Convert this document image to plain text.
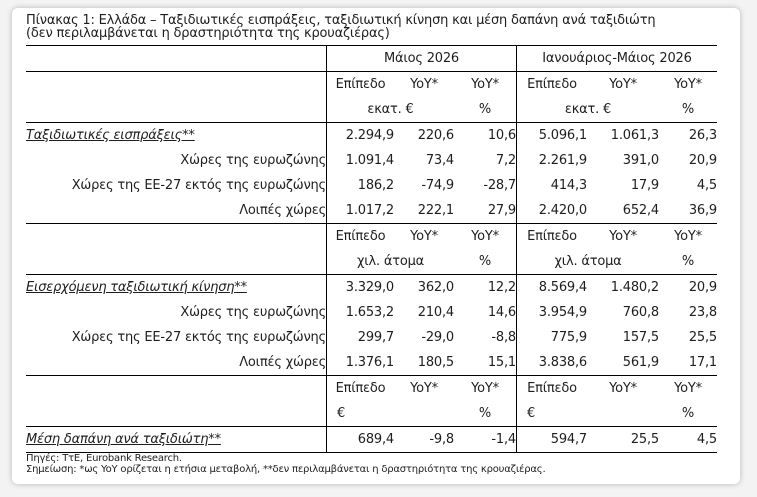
Πίνακας 1: Ελλάδα – Ταξιδιωτικές εισπράξεις, ταξιδιωτική κίνηση και μέση δαπάνη ανά ταξιδιώτη
(δεν περιλαμβάνεται η δραστηριότητα της κρουαζιέρας)
	Μάιος 2026			Ιανουάριος-Μάιος 2026		
	Επίπεδο	YoY*	YoY*	Επίπεδο	YoY*	YoY*
	εκατ. €		%	εκατ. €		%
Ταξιδιωτικές εισπράξεις**	2.294,9	220,6	10,6	5.096,1	1.061,3	26,3
Χώρες της ευρωζώνης	1.091,4	73,4	7,2	2.261,9	391,0	20,9
Χώρες της ΕΕ-27 εκτός της ευρωζώνης	186,2	-74,9	-28,7	414,3	17,9	4,5
Λοιπές χώρες	1.017,2	222,1	27,9	2.420,0	652,4	36,9
	Επίπεδο	YoY*	YoY*	Επίπεδο	YoY*	YoY*
	χιλ. άτομα		%	χιλ. άτομα		%
Εισερχόμενη ταξιδιωτική κίνηση**	3.329,0	362,0	12,2	8.569,4	1.480,2	20,9
Χώρες της ευρωζώνης	1.653,2	210,4	14,6	3.954,9	760,8	23,8
Χώρες της ΕΕ-27 εκτός της ευρωζώνης	299,7	-29,0	-8,8	775,9	157,5	25,5
Λοιπές χώρες	1.376,1	180,5	15,1	3.838,6	561,9	17,1
	Επίπεδο	YoY*	YoY*	Επίπεδο	YoY*	YoY*
	€		%	€		%
Μέση δαπάνη ανά ταξιδιώτη**	689,4	-9,8	-1,4	594,7	25,5	4,5
Πηγές: ΤτΕ, Eurobank Research.
Σημείωση: *ως YoY ορίζεται η ετήσια μεταβολή, **δεν περιλαμβάνεται η δραστηριότητα της κρουαζιέρας.
